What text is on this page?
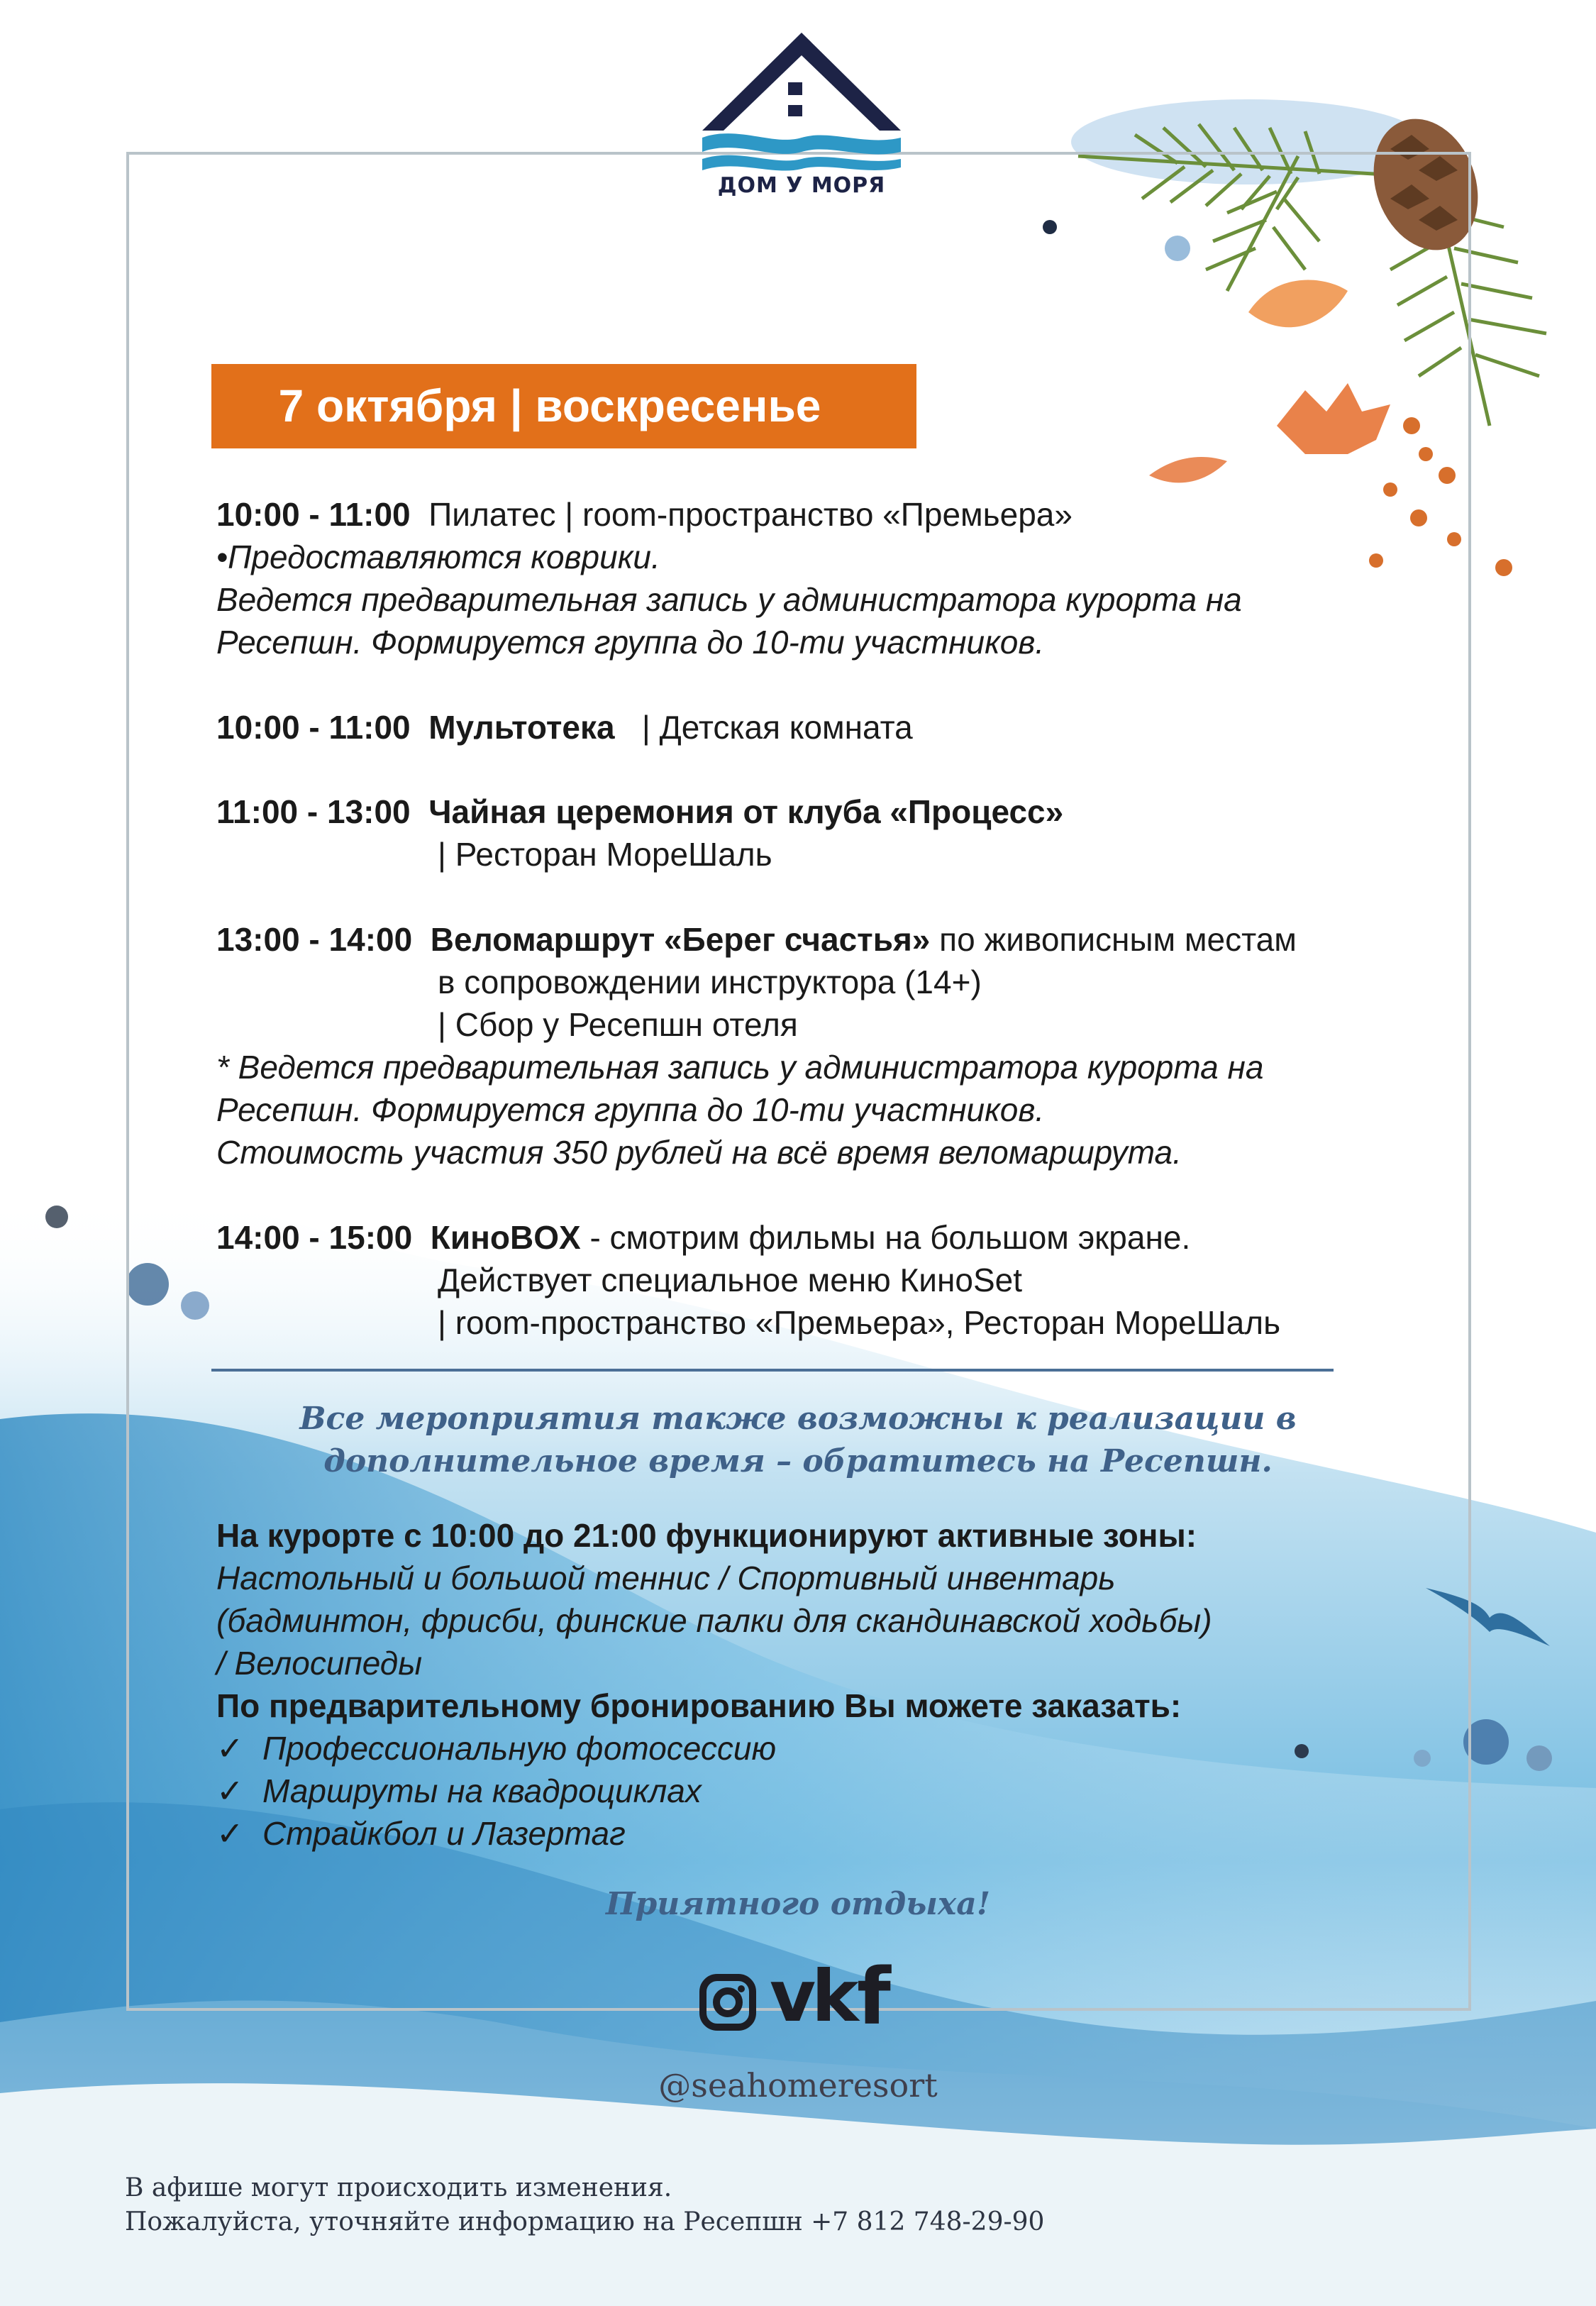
ДОМ У МОРЯ
7 октября | воскресенье
10:00 - 11:00 Пилатес | room-пространство «Премьера»
•Предоставляются коврики.
Ведется предварительная запись у администратора курорта на
Ресепшн. Формируется группа до 10-ти участников.
10:00 - 11:00 Мультотека   | Детская комната
11:00 - 13:00 Чайная церемония от клуба «Процесс»
| Ресторан МореШаль
13:00 - 14:00 Веломаршрут «Берег счастья» по живописным местам
в сопровождении инструктора (14+)
| Сбор у Ресепшн отеля
* Ведется предварительная запись у администратора курорта на
Ресепшн. Формируется группа до 10-ти участников.
Стоимость участия 350 рублей на всё время веломаршрута.
14:00 - 15:00 КиноBOX - смотрим фильмы на большом экране.
Действует специальное меню КиноSet
| room-пространство «Премьера», Ресторан МореШаль
Все мероприятия также возможны к реализации в
дополнительное время – обратитесь на Ресепшн.
На курорте с 10:00 до 21:00 функционируют активные зоны:
Настольный и большой теннис / Спортивный инвентарь
(бадминтон, фрисби, финские палки для скандинавской ходьбы)
/ Велосипеды
По предварительному бронированию Вы можете заказать:
✓ Профессиональную фотосессию
✓ Маршруты на квадроциклах
✓ Страйкбол и Лазертаг
Приятного отдыха!
vk f
@seahomeresort
В афише могут происходить изменения.
Пожалуйста, уточняйте информацию на Ресепшн +7 812 748-29-90
